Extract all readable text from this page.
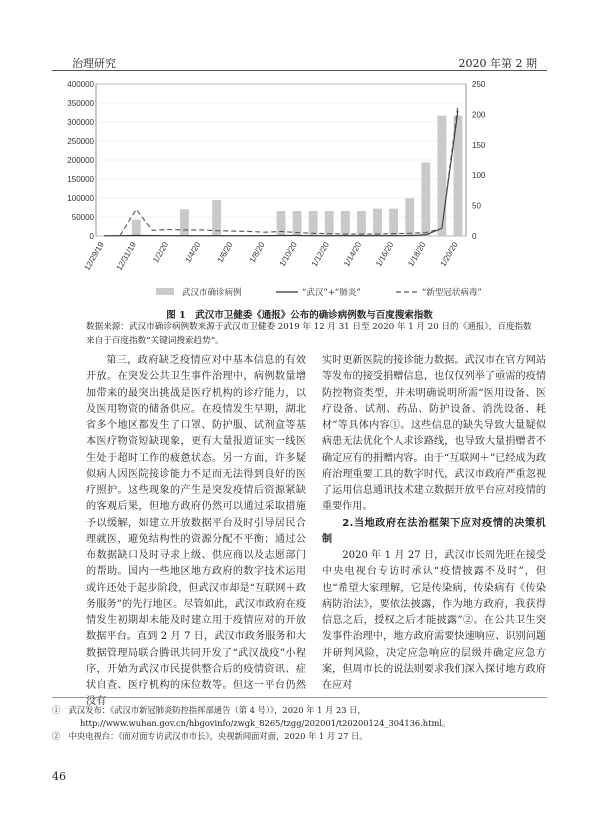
治理研究	2020 年第 2 期
0
50000
100000
150000
200000
250000
300000
350000
400000
0
50
100
150
200
250
12/29/19 12/31/19 1/2/20 1/4/20 1/6/20 1/8/20 1/10/20 1/12/20 1/14/20 1/16/20 1/18/20 1/20/20
武汉市确诊病例	“武汉”+“肺炎”	“新型冠状病毒”
图 1　武汉市卫健委《通报》公布的确诊病例数与百度搜索指数
数据来源：武汉市确诊病例数来源于武汉市卫健委 2019 年 12 月 31 日至 2020 年 1 月 20 日的《通报》，百度指数来自于百度指数“关键词搜索趋势”。

第三，政府缺乏疫情应对中基本信息的有效开放。在突发公共卫生事件治理中，病例数量增加带来的最突出挑战是医疗机构的诊疗能力，以及医用物资的储备供应。在疫情发生早期，湖北省多个地区都发生了口罩、防护服、试剂盒等基本医疗物资短缺现象，更有大量报道证实一线医生处于超时工作的疲惫状态。另一方面，许多疑似病人因医院接诊能力不足而无法得到良好的医疗照护。这些现象的产生是突发疫情后资源紧缺的客观后果，但地方政府仍然可以通过采取措施予以缓解，如建立开放数据平台及时引导居民合理就医，避免结构性的资源分配不平衡；通过公布数据缺口及时寻求上级、供应商以及志愿部门的帮助。国内一些地区地方政府的数字技术运用或许还处于起步阶段，但武汉市却是“互联网＋政务服务”的先行地区。尽管如此，武汉市政府在疫情发生初期却未能及时建立用于疫情应对的开放数据平台。直到 2 月 7 日，武汉市政务服务和大数据管理局联合腾讯共同开发了“武汉战疫”小程序，开始为武汉市民提供整合后的疫情资讯、症状自查、医疗机构的床位数等。但这一平台仍然没有

实时更新医院的接诊能力数据。武汉市在官方网站等发布的接受捐赠信息，也仅仅列举了亟需的疫情防控物资类型，并未明确说明所需“医用设备、医疗设备、试剂、药品、防护设备、消洗设备、耗材”等具体内容①。这些信息的缺失导致大量疑似病患无法优化个人求诊路线，也导致大量捐赠者不确定应有的捐赠内容。由于“互联网＋”已经成为政府治理重要工具的数字时代，武汉市政府严重忽视了运用信息通讯技术建立数据开放平台应对疫情的重要作用。

2.当地政府在法治框架下应对疫情的决策机制

2020 年 1 月 27 日，武汉市长周先旺在接受中央电视台专访时承认“疫情披露不及时”，但也“希望大家理解，它是传染病，传染病有《传染病防治法》，要依法披露，作为地方政府，我获得信息之后，授权之后才能披露”②。在公共卫生突发事件治理中，地方政府需要快速响应、识别问题并研判风险，决定应急响应的层级并确定应急方案，但周市长的说法则要求我们深入探讨地方政府在应对

①　武汉发布：《武汉市新冠肺炎防控指挥部通告（第 4 号）》，2020 年 1 月 23 日，http://www.wuhan.gov.cn/hbgovinfo/zwgk_8265/tzgg/202001/t20200124_304136.html。
②　中央电视台：《面对面专访武汉市市长》，央视新闻面对面，2020 年 1 月 27 日。
46
